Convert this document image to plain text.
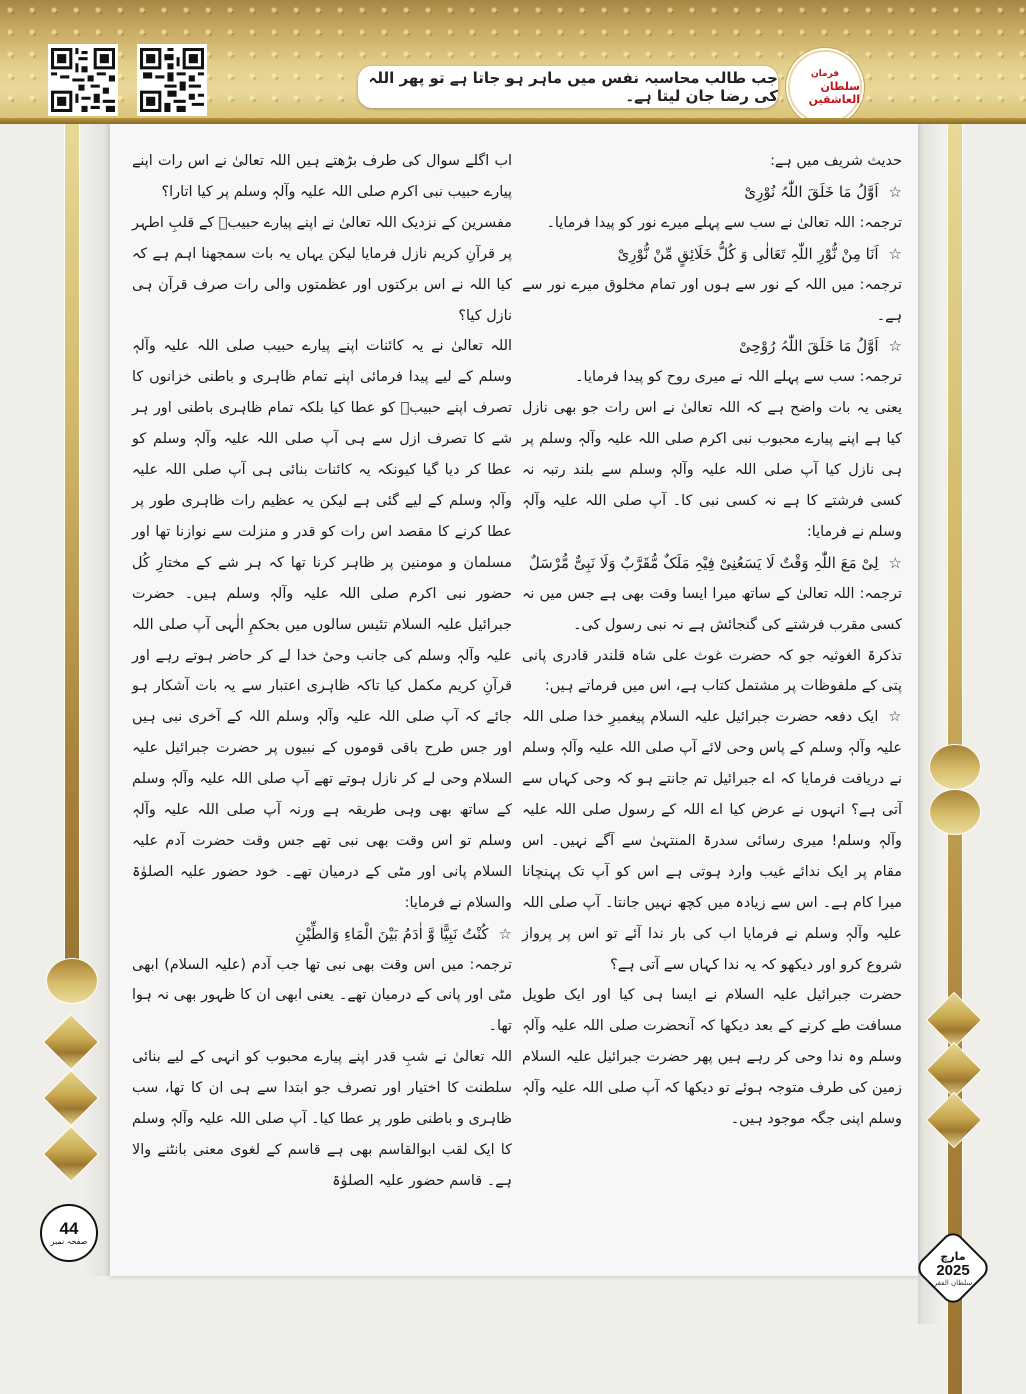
جب طالب محاسبہ نفس میں ماہر ہو جاتا ہے تو پھر اللہ کی رضا جان لیتا ہے۔
فرمان
سلطان العاشقین

حدیث شریف میں ہے:

☆اَوَّلُ مَا خَلَقَ اللّٰہُ نُوْرِیْ

ترجمہ: اللہ تعالیٰ نے سب سے پہلے میرے نور کو پیدا فرمایا۔

☆اَنَا مِنْ نُّوْرِ اللّٰہِ تَعَالٰی وَ کُلُّ خَلَائِقٍ مِّنْ نُّوْرِیْ

ترجمہ: میں اللہ کے نور سے ہوں اور تمام مخلوق میرے نور سے ہے۔

☆اَوَّلُ مَا خَلَقَ اللّٰہُ رُوْحِیْ

ترجمہ: سب سے پہلے اللہ نے میری روح کو پیدا فرمایا۔

یعنی یہ بات واضح ہے کہ اللہ تعالیٰ نے اس رات جو بھی نازل کیا ہے اپنے پیارے محبوب نبی اکرم صلی اللہ علیہ وآلہٖ وسلم پر ہی نازل کیا آپ صلی اللہ علیہ وآلہٖ وسلم سے بلند رتبہ نہ کسی فرشتے کا ہے نہ کسی نبی کا۔ آپ صلی اللہ علیہ وآلہٖ وسلم نے فرمایا:

☆لِیْ مَعَ اللّٰہِ وَقْتٌ لَا یَسَعُنِیْ فِیْہِ مَلَکٌ مُّقَرَّبٌ وَلَا نَبِیٌّ مُّرْسَلٌ

ترجمہ: اللہ تعالیٰ کے ساتھ میرا ایسا وقت بھی ہے جس میں نہ کسی مقرب فرشتے کی گنجائش ہے نہ نبی رسول کی۔

تذکرۃ الغوثیہ جو کہ حضرت غوث علی شاہ قلندر قادری پانی پتی کے ملفوظات پر مشتمل کتاب ہے، اس میں فرماتے ہیں:

☆ایک دفعہ حضرت جبرائیل علیہ السلام پیغمبرِ خدا صلی اللہ علیہ وآلہٖ وسلم کے پاس وحی لائے آپ صلی اللہ علیہ وآلہٖ وسلم نے دریافت فرمایا کہ اے جبرائیل تم جانتے ہو کہ وحی کہاں سے آتی ہے؟ انہوں نے عرض کیا اے اللہ کے رسول صلی اللہ علیہ وآلہٖ وسلم! میری رسائی سدرۃ المنتہیٰ سے آگے نہیں۔ اس مقام پر ایک ندائے غیب وارد ہوتی ہے اس کو آپ تک پہنچانا میرا کام ہے۔ اس سے زیادہ میں کچھ نہیں جانتا۔ آپ صلی اللہ علیہ وآلہٖ وسلم نے فرمایا اب کی بار ندا آئے تو اس پر پرواز شروع کرو اور دیکھو کہ یہ ندا کہاں سے آتی ہے؟

حضرت جبرائیل علیہ السلام نے ایسا ہی کیا اور ایک طویل مسافت طے کرنے کے بعد دیکھا کہ آنحضرت صلی اللہ علیہ وآلہٖ وسلم وہ ندا وحی کر رہے ہیں پھر حضرت جبرائیل علیہ السلام زمین کی طرف متوجہ ہوئے تو دیکھا کہ آپ صلی اللہ علیہ وآلہٖ وسلم اپنی جگہ موجود ہیں۔

اب اگلے سوال کی طرف بڑھتے ہیں اللہ تعالیٰ نے اس رات اپنے پیارے حبیب نبی اکرم صلی اللہ علیہ وآلہٖ وسلم پر کیا اتارا؟

مفسرین کے نزدیک اللہ تعالیٰ نے اپنے پیارے حبیبؐ کے قلبِ اطہر پر قرآنِ کریم نازل فرمایا لیکن یہاں یہ بات سمجھنا اہم ہے کہ کیا اللہ نے اس برکتوں اور عظمتوں والی رات صرف قرآن ہی نازل کیا؟

اللہ تعالیٰ نے یہ کائنات اپنے پیارے حبیب صلی اللہ علیہ وآلہٖ وسلم کے لیے پیدا فرمائی اپنے تمام ظاہری و باطنی خزانوں کا تصرف اپنے حبیبؐ کو عطا کیا بلکہ تمام ظاہری باطنی اور ہر شے کا تصرف ازل سے ہی آپ صلی اللہ علیہ وآلہٖ وسلم کو عطا کر دیا گیا کیونکہ یہ کائنات بنائی ہی آپ صلی اللہ علیہ وآلہٖ وسلم کے لیے گئی ہے لیکن یہ عظیم رات ظاہری طور پر عطا کرنے کا مقصد اس رات کو قدر و منزلت سے نوازنا تھا اور مسلمان و مومنین پر ظاہر کرنا تھا کہ ہر شے کے مختارِ کُل حضور نبی اکرم صلی اللہ علیہ وآلہٖ وسلم ہیں۔ حضرت جبرائیل علیہ السلام تئیس سالوں میں بحکمِ الٰہی آپ صلی اللہ علیہ وآلہٖ وسلم کی جانب وحیٔ خدا لے کر حاضر ہوتے رہے اور قرآنِ کریم مکمل کیا تاکہ ظاہری اعتبار سے یہ بات آشکار ہو جائے کہ آپ صلی اللہ علیہ وآلہٖ وسلم اللہ کے آخری نبی ہیں اور جس طرح باقی قوموں کے نبیوں پر حضرت جبرائیل علیہ السلام وحی لے کر نازل ہوتے تھے آپ صلی اللہ علیہ وآلہٖ وسلم کے ساتھ بھی وہی طریقہ ہے ورنہ آپ صلی اللہ علیہ وآلہٖ وسلم تو اس وقت بھی نبی تھے جس وقت حضرت آدم علیہ السلام پانی اور مٹی کے درمیان تھے۔ خود حضور علیہ الصلوٰۃ والسلام نے فرمایا:

☆کُنْتُ نَبِیًّا وَّ اٰدَمُ بَیْنَ الْمَاءِ وَالطِّیْنِ

ترجمہ: میں اس وقت بھی نبی تھا جب آدم (علیہ السلام) ابھی مٹی اور پانی کے درمیان تھے۔ یعنی ابھی ان کا ظہور بھی نہ ہوا تھا۔

اللہ تعالیٰ نے شبِ قدر اپنے پیارے محبوب کو انہی کے لیے بنائی سلطنت کا اختیار اور تصرف جو ابتدا سے ہی ان کا تھا، سب ظاہری و باطنی طور پر عطا کیا۔ آپ صلی اللہ علیہ وآلہٖ وسلم کا ایک لقب ابوالقاسم بھی ہے قاسم کے لغوی معنی بانٹنے والا ہے۔ قاسم حضور علیہ الصلوٰۃ

44
صفحہ نمبر
مارچ
2025
سلطان الفقر
